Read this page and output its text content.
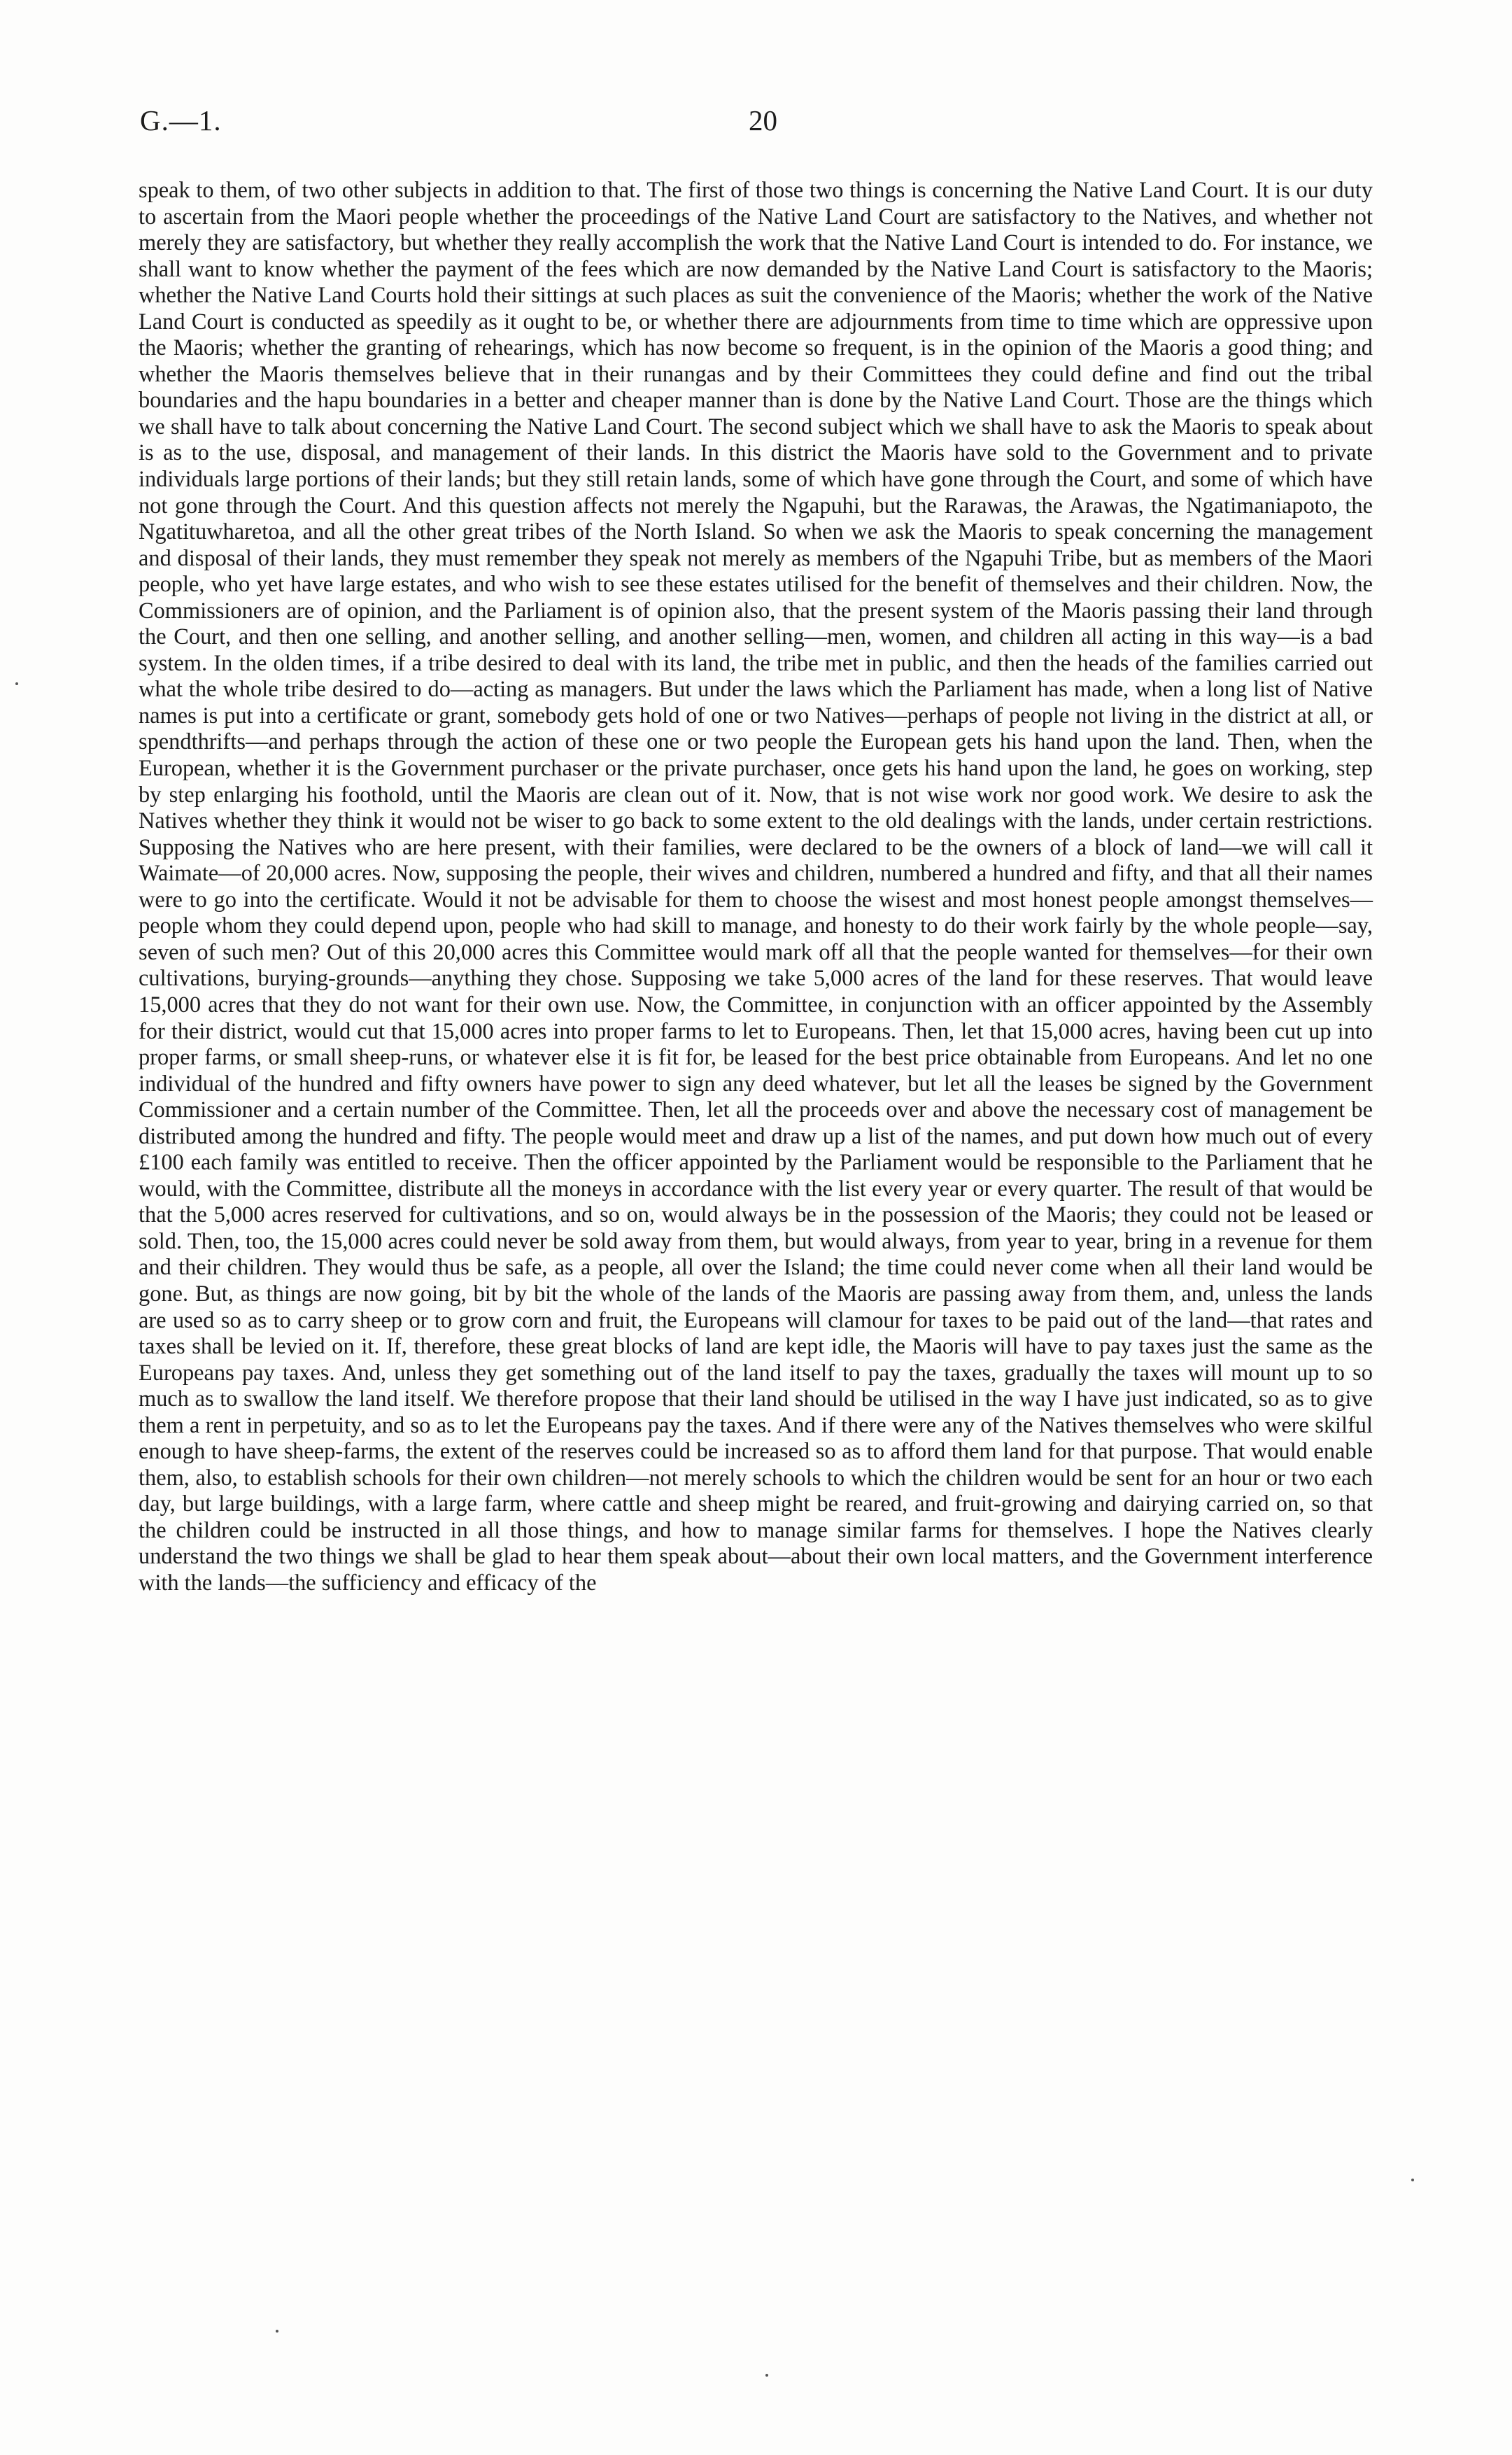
G.—1.	20

speak to them, of two other subjects in addition to that. The first of those two things is concerning the Native Land Court. It is our duty to ascertain from the Maori people whether the proceedings of the Native Land Court are satisfactory to the Natives, and whether not merely they are satisfactory, but whether they really accomplish the work that the Native Land Court is intended to do. For instance, we shall want to know whether the payment of the fees which are now demanded by the Native Land Court is satisfactory to the Maoris; whether the Native Land Courts hold their sittings at such places as suit the convenience of the Maoris; whether the work of the Native Land Court is conducted as speedily as it ought to be, or whether there are adjournments from time to time which are oppressive upon the Maoris; whether the granting of rehearings, which has now become so frequent, is in the opinion of the Maoris a good thing; and whether the Maoris themselves believe that in their runangas and by their Committees they could define and find out the tribal boundaries and the hapu boundaries in a better and cheaper manner than is done by the Native Land Court. Those are the things which we shall have to talk about concerning the Native Land Court. The second subject which we shall have to ask the Maoris to speak about is as to the use, disposal, and management of their lands. In this district the Maoris have sold to the Government and to private individuals large portions of their lands; but they still retain lands, some of which have gone through the Court, and some of which have not gone through the Court. And this question affects not merely the Ngapuhi, but the Rarawas, the Arawas, the Ngatimaniapoto, the Ngatituwharetoa, and all the other great tribes of the North Island. So when we ask the Maoris to speak concerning the management and disposal of their lands, they must remember they speak not merely as members of the Ngapuhi Tribe, but as members of the Maori people, who yet have large estates, and who wish to see these estates utilised for the benefit of themselves and their children. Now, the Commissioners are of opinion, and the Parliament is of opinion also, that the present system of the Maoris passing their land through the Court, and then one selling, and another selling, and another selling—men, women, and children all acting in this way—is a bad system. In the olden times, if a tribe desired to deal with its land, the tribe met in public, and then the heads of the families carried out what the whole tribe desired to do—acting as managers. But under the laws which the Parliament has made, when a long list of Native names is put into a certificate or grant, somebody gets hold of one or two Natives—perhaps of people not living in the district at all, or spendthrifts—and perhaps through the action of these one or two people the European gets his hand upon the land. Then, when the European, whether it is the Government purchaser or the private purchaser, once gets his hand upon the land, he goes on working, step by step enlarging his foothold, until the Maoris are clean out of it. Now, that is not wise work nor good work. We desire to ask the Natives whether they think it would not be wiser to go back to some extent to the old dealings with the lands, under certain restrictions. Supposing the Natives who are here present, with their families, were declared to be the owners of a block of land—we will call it Waimate—of 20,000 acres. Now, supposing the people, their wives and children, numbered a hundred and fifty, and that all their names were to go into the certificate. Would it not be advisable for them to choose the wisest and most honest people amongst themselves—people whom they could depend upon, people who had skill to manage, and honesty to do their work fairly by the whole people—say, seven of such men? Out of this 20,000 acres this Committee would mark off all that the people wanted for themselves—for their own cultivations, burying-grounds—anything they chose. Supposing we take 5,000 acres of the land for these reserves. That would leave 15,000 acres that they do not want for their own use. Now, the Committee, in conjunction with an officer appointed by the Assembly for their district, would cut that 15,000 acres into proper farms to let to Europeans. Then, let that 15,000 acres, having been cut up into proper farms, or small sheep-runs, or whatever else it is fit for, be leased for the best price obtainable from Europeans. And let no one individual of the hundred and fifty owners have power to sign any deed whatever, but let all the leases be signed by the Government Commissioner and a certain number of the Committee. Then, let all the proceeds over and above the necessary cost of management be distributed among the hundred and fifty. The people would meet and draw up a list of the names, and put down how much out of every £100 each family was entitled to receive. Then the officer appointed by the Parliament would be responsible to the Parliament that he would, with the Committee, distribute all the moneys in accordance with the list every year or every quarter. The result of that would be that the 5,000 acres reserved for cultivations, and so on, would always be in the possession of the Maoris; they could not be leased or sold. Then, too, the 15,000 acres could never be sold away from them, but would always, from year to year, bring in a revenue for them and their children. They would thus be safe, as a people, all over the Island; the time could never come when all their land would be gone. But, as things are now going, bit by bit the whole of the lands of the Maoris are passing away from them, and, unless the lands are used so as to carry sheep or to grow corn and fruit, the Europeans will clamour for taxes to be paid out of the land—that rates and taxes shall be levied on it. If, therefore, these great blocks of land are kept idle, the Maoris will have to pay taxes just the same as the Europeans pay taxes. And, unless they get something out of the land itself to pay the taxes, gradually the taxes will mount up to so much as to swallow the land itself. We therefore propose that their land should be utilised in the way I have just indicated, so as to give them a rent in perpetuity, and so as to let the Europeans pay the taxes. And if there were any of the Natives themselves who were skilful enough to have sheep-farms, the extent of the reserves could be increased so as to afford them land for that purpose. That would enable them, also, to establish schools for their own children—not merely schools to which the children would be sent for an hour or two each day, but large buildings, with a large farm, where cattle and sheep might be reared, and fruit-growing and dairying carried on, so that the children could be instructed in all those things, and how to manage similar farms for themselves. I hope the Natives clearly understand the two things we shall be glad to hear them speak about—about their own local matters, and the Government interference with the lands—the sufficiency and efficacy of the
